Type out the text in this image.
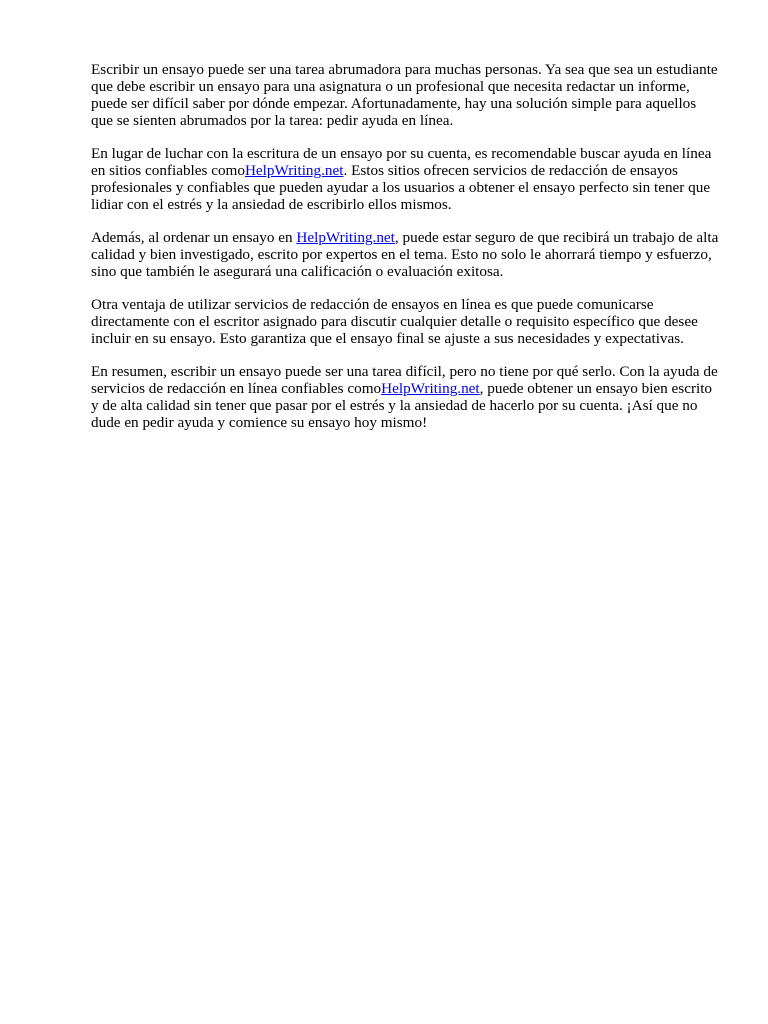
Escribir un ensayo puede ser una tarea abrumadora para muchas personas. Ya sea que sea un estudiante que debe escribir un ensayo para una asignatura o un profesional que necesita redactar un informe, puede ser difícil saber por dónde empezar. Afortunadamente, hay una solución simple para aquellos que se sienten abrumados por la tarea: pedir ayuda en línea.

En lugar de luchar con la escritura de un ensayo por su cuenta, es recomendable buscar ayuda en línea en sitios confiables comoHelpWriting.net. Estos sitios ofrecen servicios de redacción de ensayos profesionales y confiables que pueden ayudar a los usuarios a obtener el ensayo perfecto sin tener que lidiar con el estrés y la ansiedad de escribirlo ellos mismos.

Además, al ordenar un ensayo en HelpWriting.net, puede estar seguro de que recibirá un trabajo de alta calidad y bien investigado, escrito por expertos en el tema. Esto no solo le ahorrará tiempo y esfuerzo, sino que también le asegurará una calificación o evaluación exitosa.

Otra ventaja de utilizar servicios de redacción de ensayos en línea es que puede comunicarse directamente con el escritor asignado para discutir cualquier detalle o requisito específico que desee incluir en su ensayo. Esto garantiza que el ensayo final se ajuste a sus necesidades y expectativas.

En resumen, escribir un ensayo puede ser una tarea difícil, pero no tiene por qué serlo. Con la ayuda de servicios de redacción en línea confiables comoHelpWriting.net, puede obtener un ensayo bien escrito y de alta calidad sin tener que pasar por el estrés y la ansiedad de hacerlo por su cuenta. ¡Así que no dude en pedir ayuda y comience su ensayo hoy mismo!
